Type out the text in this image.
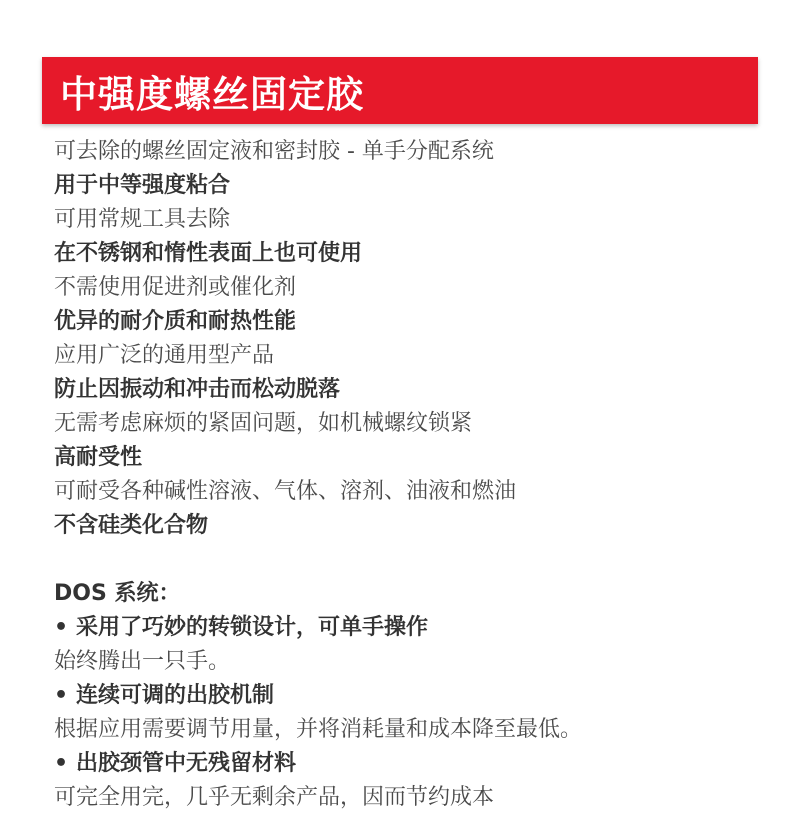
中强度螺丝固定胶
可去除的螺丝固定液和密封胶 - 单手分配系统
用于中等强度粘合
可用常规工具去除
在不锈钢和惰性表面上也可使用
不需使用促进剂或催化剂
优异的耐介质和耐热性能
应用广泛的通用型产品
防止因振动和冲击而松动脱落
无需考虑麻烦的紧固问题，如机械螺纹锁紧
高耐受性
可耐受各种碱性溶液、气体、溶剂、油液和燃油
不含硅类化合物
DOS 系统：
• 采用了巧妙的转锁设计，可单手操作
始终腾出一只手。
• 连续可调的出胶机制
根据应用需要调节用量，并将消耗量和成本降至最低。
• 出胶颈管中无残留材料
可完全用完，几乎无剩余产品，因而节约成本
